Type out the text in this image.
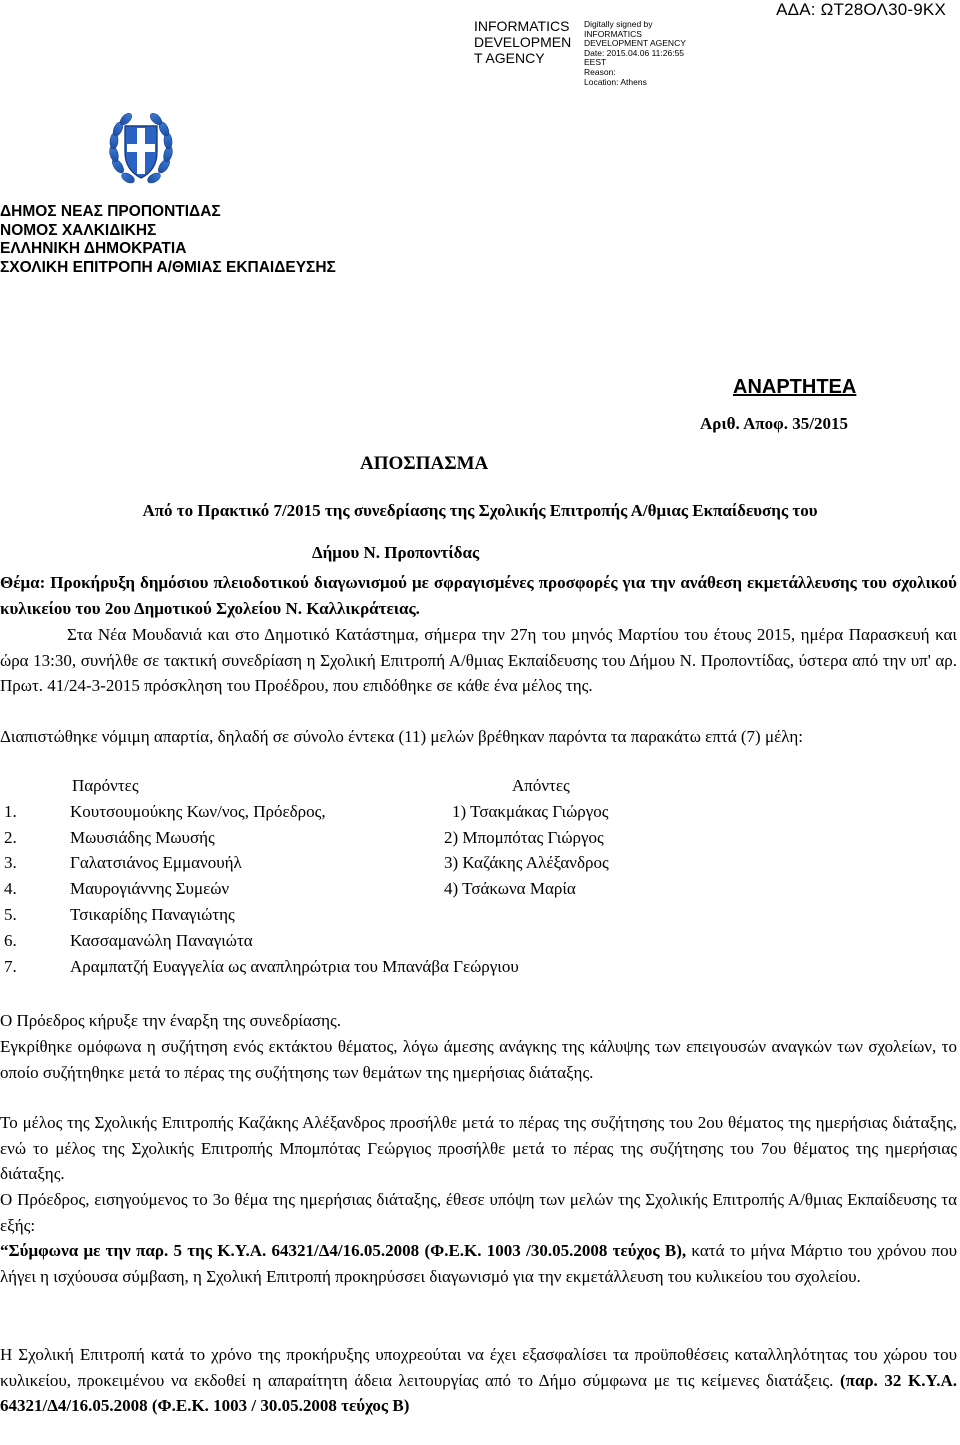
INFORMATICS
DEVELOPMEN
T AGENCY
Digitally signed by
INFORMATICS
DEVELOPMENT AGENCY
Date: 2015.04.06 11:26:55
EEST
Reason:
Location: Athens
ΑΔΑ: ΩΤ28ΟΛ30-9ΚΧ
ΔΗΜΟΣ ΝΕΑΣ ΠΡΟΠΟΝΤΙΔΑΣ
ΝΟΜΟΣ ΧΑΛΚΙΔΙΚΗΣ
ΕΛΛΗΝΙΚΗ ΔΗΜΟΚΡΑΤΙΑ
ΣΧΟΛΙΚΗ ΕΠΙΤΡΟΠΗ Α/ΘΜΙΑΣ ΕΚΠΑΙΔΕΥΣΗΣ
ΑΝΑΡΤΗΤΕΑ
Αριθ. Αποφ. 35/2015
ΑΠΟΣΠΑΣΜΑ
Από το Πρακτικό 7/2015 της συνεδρίασης της Σχολικής Επιτροπής Α/θμιας Εκπαίδευσης του
Δήμου Ν. Προποντίδας
Θέμα: Προκήρυξη δημόσιου πλειοδοτικού διαγωνισμού με σφραγισμένες προσφορές για την ανάθεση εκμετάλλευσης του σχολικού κυλικείου του 2ου Δημοτικού Σχολείου Ν. Καλλικράτειας.
Στα Νέα Μουδανιά και στο Δημοτικό Κατάστημα, σήμερα την 27η του μηνός Μαρτίου του έτους 2015, ημέρα Παρασκευή και ώρα 13:30, συνήλθε σε τακτική συνεδρίαση η Σχολική Επιτροπή Α/θμιας Εκπαίδευσης του Δήμου Ν. Προποντίδας, ύστερα από την υπ' αρ. Πρωτ. 41/24-3-2015 πρόσκληση του Προέδρου, που επιδόθηκε σε κάθε ένα μέλος της.
Διαπιστώθηκε νόμιμη απαρτία, δηλαδή σε σύνολο έντεκα (11) μελών βρέθηκαν παρόντα τα παρακάτω επτά (7) μέλη:
Παρόντες	Απόντες
1.	Κουτσουμούκης Κων/νος, Πρόεδρος,	1) Τσακμάκας Γιώργος
2.	Μωυσιάδης Μωυσής	2) Μπομπότας Γιώργος
3.	Γαλατσιάνος Εμμανουήλ	3) Καζάκης Αλέξανδρος
4.	Μαυρογιάννης Συμεών	4) Τσάκωνα Μαρία
5.	Τσικαρίδης Παναγιώτης
6.	Κασσαμανώλη Παναγιώτα
7.	Αραμπατζή Ευαγγελία ως αναπληρώτρια του Μπανάβα Γεώργιου
Ο Πρόεδρος κήρυξε την έναρξη της συνεδρίασης.
Εγκρίθηκε ομόφωνα η συζήτηση ενός εκτάκτου θέματος, λόγω άμεσης ανάγκης της κάλυψης των επειγουσών αναγκών των σχολείων, το οποίο συζήτηθηκε μετά το πέρας της συζήτησης των θεμάτων της ημερήσιας διάταξης.
Το μέλος της Σχολικής Επιτροπής Καζάκης Αλέξανδρος προσήλθε μετά το πέρας της συζήτησης του 2ου θέματος της ημερήσιας διάταξης, ενώ το μέλος της Σχολικής Επιτροπής Μπομπότας Γεώργιος προσήλθε μετά το πέρας της συζήτησης του 7ου θέματος της ημερήσιας διάταξης.
Ο Πρόεδρος, εισηγούμενος το 3ο θέμα της ημερήσιας διάταξης, έθεσε υπόψη των μελών της Σχολικής Επιτροπής Α/θμιας Εκπαίδευσης τα εξής:
“Σύμφωνα με την παρ. 5 της Κ.Υ.Α. 64321/Δ4/16.05.2008 (Φ.Ε.Κ. 1003 /30.05.2008 τεύχος Β), κατά το μήνα Μάρτιο του χρόνου που λήγει η ισχύουσα σύμβαση, η Σχολική Επιτροπή προκηρύσσει διαγωνισμό για την εκμετάλλευση του κυλικείου του σχολείου.
Η Σχολική Επιτροπή κατά το χρόνο της προκήρυξης υποχρεούται να έχει εξασφαλίσει τα προϋποθέσεις καταλληλότητας του χώρου του κυλικείου, προκειμένου να εκδοθεί η απαραίτητη άδεια λειτουργίας από το Δήμο σύμφωνα με τις κείμενες διατάξεις. (παρ. 32 Κ.Υ.Α. 64321/Δ4/16.05.2008 (Φ.Ε.Κ. 1003 / 30.05.2008 τεύχος Β)
